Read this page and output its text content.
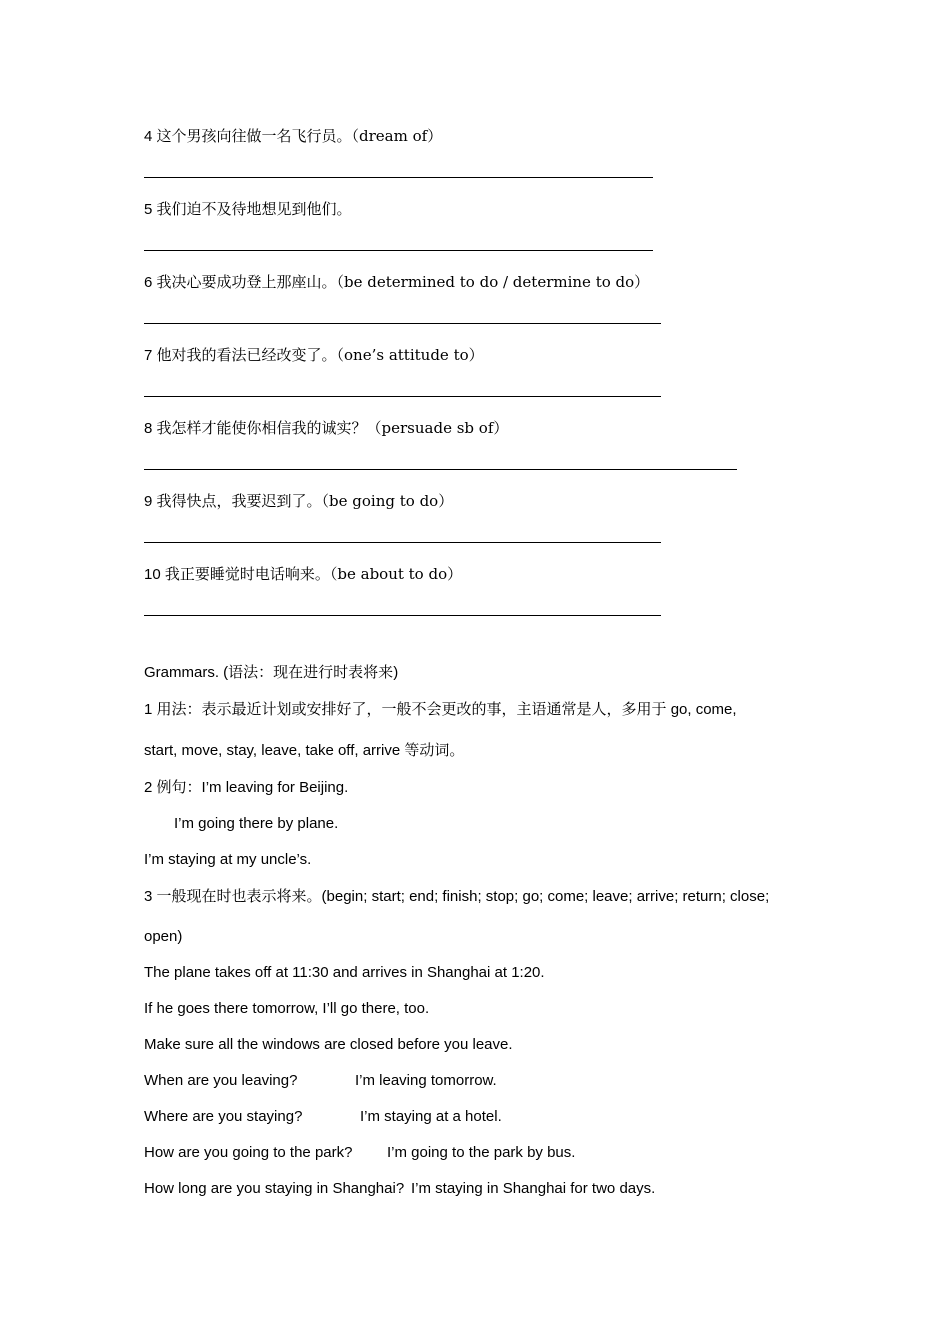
4 这个男孩向往做一名飞行员。（dream of）
5 我们迫不及待地想见到他们。
6 我决心要成功登上那座山。（be determined to do / determine to do）
7 他对我的看法已经改变了。（one’s attitude to）
8 我怎样才能使你相信我的诚实？（persuade sb of）
9 我得快点，我要迟到了。（be going to do）
10 我正要睡觉时电话响来。（be about to do）
Grammars. (语法：现在进行时表将来)
1 用法：表示最近计划或安排好了，一般不会更改的事，主语通常是人，多用于 go, come,
start, move, stay, leave, take off, arrive 等动词。
2 例句：I’m leaving for Beijing.
I’m going there by plane.
I’m staying at my uncle’s.
3 一般现在时也表示将来。(begin; start; end; finish; stop; go; come; leave; arrive; return; close;
open)
The plane takes off at 11:30 and arrives in Shanghai at 1:20.
If he goes there tomorrow, I’ll go there, too.
Make sure all the windows are closed before you leave.
When are you leaving?	I’m leaving tomorrow.
Where are you staying?	I’m staying at a hotel.
How are you going to the park? I’m going to the park by bus.
How long are you staying in Shanghai? I’m staying in Shanghai for two days.
